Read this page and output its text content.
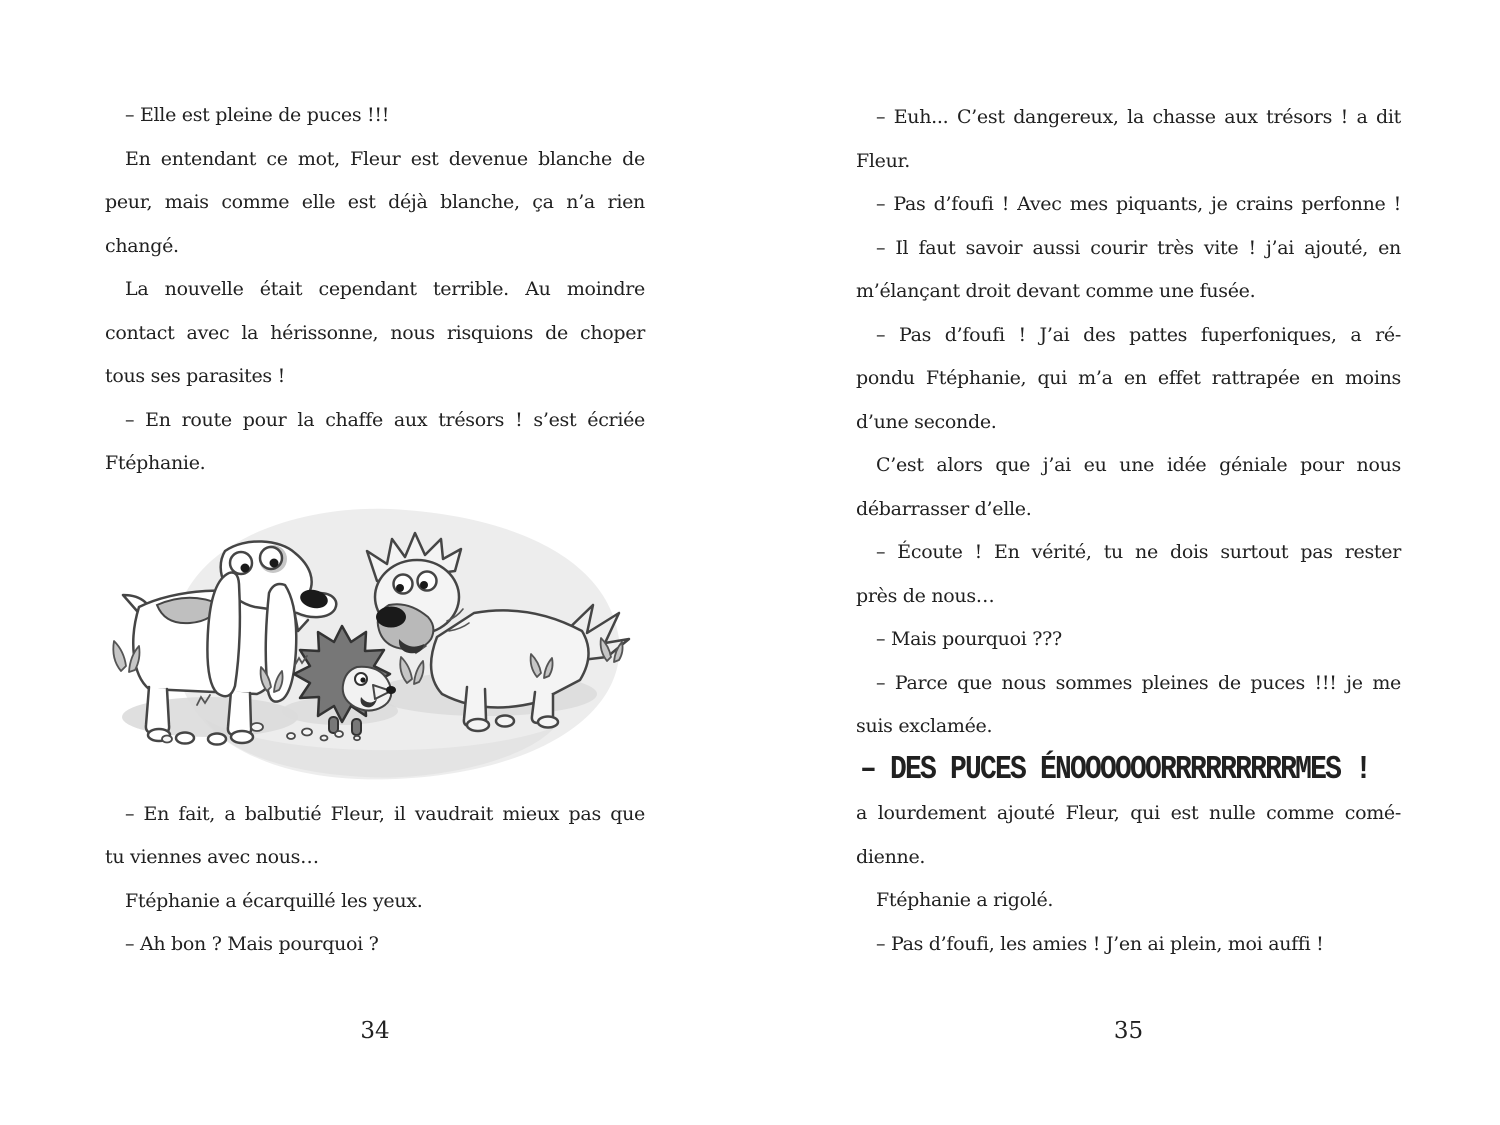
– Elle est pleine de puces !!!
En entendant ce mot, Fleur est devenue blanche de
peur, mais comme elle est déjà blanche, ça n’a rien
changé.
La nouvelle était cependant terrible. Au moindre
contact avec la hérissonne, nous risquions de choper
tous ses parasites !
– En route pour la chaffe aux trésors ! s’est écriée
Ftéphanie.
– En fait, a balbutié Fleur, il vaudrait mieux pas que
tu viennes avec nous…
Ftéphanie a écarquillé les yeux.
– Ah bon ? Mais pourquoi ?
– Euh... C’est dangereux, la chasse aux trésors ! a dit
Fleur.
– Pas d’foufi ! Avec mes piquants, je crains perfonne !
– Il faut savoir aussi courir très vite ! j’ai ajouté, en
m’élançant droit devant comme une fusée.
– Pas d’foufi ! J’ai des pattes fuperfoniques, a ré-
pondu Ftéphanie, qui m’a en effet rattrapée en moins
d’une seconde.
C’est alors que j’ai eu une idée géniale pour nous
débarrasser d’elle.
– Écoute ! En vérité, tu ne dois surtout pas rester
près de nous…
– Mais pourquoi ???
– Parce que nous sommes pleines de puces !!! je me
suis exclamée.
– DES PUCES ÉNOOOOOORRRRRRRRRMES !
a lourdement ajouté Fleur, qui est nulle comme comé-
dienne.
Ftéphanie a rigolé.
– Pas d’foufi, les amies ! J’en ai plein, moi auffi !
34	35
